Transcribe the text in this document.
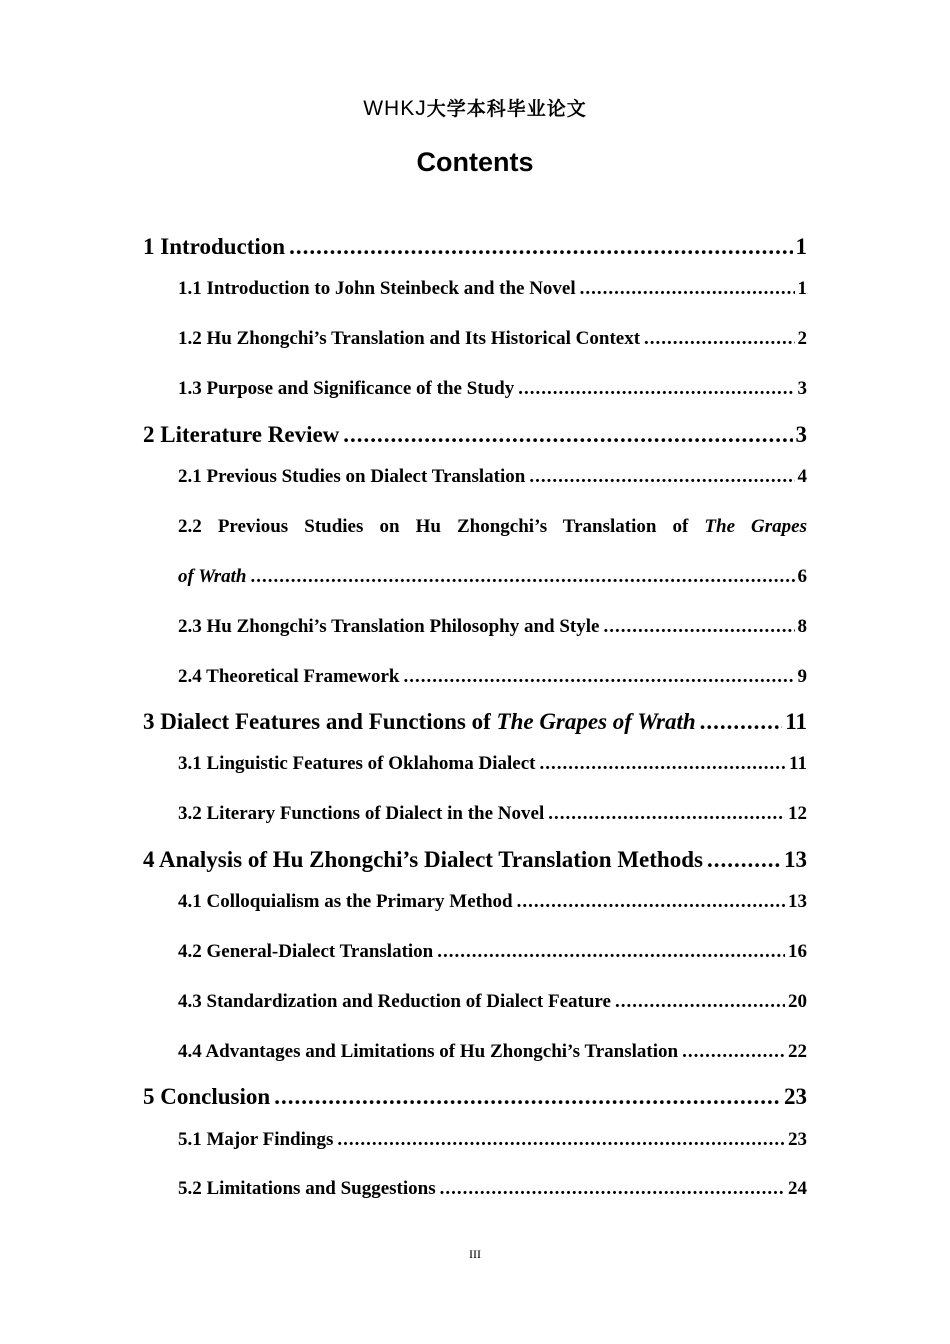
WHKJ大学本科毕业论文
Contents
1 Introduction .....	1
1.1 Introduction to John Steinbeck and the Novel .....	1
1.2 Hu Zhongchi’s Translation and Its Historical Context .....	2
1.3 Purpose and Significance of the Study .....	3
2 Literature Review .....	3
2.1 Previous Studies on Dialect Translation .....	4
2.2 Previous Studies on Hu Zhongchi’s Translation of The Grapes
of Wrath .....	6
2.3 Hu Zhongchi’s Translation Philosophy and Style .....	8
2.4 Theoretical Framework .....	9
3 Dialect Features and Functions of The Grapes of Wrath .....	11
3.1 Linguistic Features of Oklahoma Dialect .....	11
3.2 Literary Functions of Dialect in the Novel .....	12
4 Analysis of Hu Zhongchi’s Dialect Translation Methods .....	13
4.1 Colloquialism as the Primary Method .....	13
4.2 General-Dialect Translation .....	16
4.3 Standardization and Reduction of Dialect Feature .....	20
4.4 Advantages and Limitations of Hu Zhongchi’s Translation .....	22
5 Conclusion .....	23
5.1 Major Findings .....	23
5.2 Limitations and Suggestions .....	24
III
